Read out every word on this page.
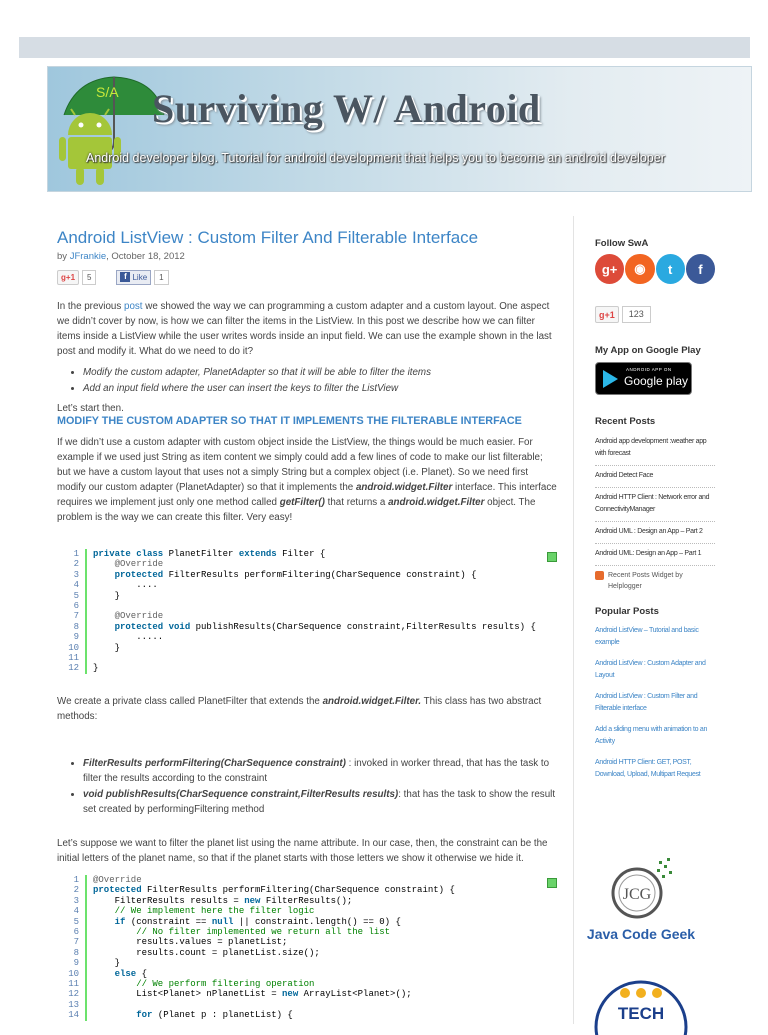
S/A Surviving W/ Android
Android developer blog. Tutorial for android development that helps you to become an android developer
Android ListView : Custom Filter And Filterable Interface
by JFrankie, October 18, 2012
g +1	5	f Like	1

In the previous post we showed the way we can programming a custom adapter and a custom layout. One aspect we didn’t cover by now, is how we can filter the items in the ListView. In this post we describe how we can filter items inside a ListView while the user writes words inside an input field. We can use the example shown in the last post and modify it. What do we need to do it?

• Modify the custom adapter, PlanetAdapter so that it will be able to filter the items
• Add an input field where the user can insert the keys to filter the ListView

Let’s start then.

MODIFY THE CUSTOM ADAPTER SO THAT IT IMPLEMENTS THE FILTERABLE INTERFACE

If we didn’t use a custom adapter with custom object inside the ListView, the things would be much easier. For example if we used just String as item content we simply could add a few lines of code to make our list filterable; but we have a custom layout that uses not a simply String but a complex object (i.e. Planet). So we need first modify our custom adapter (PlanetAdapter) so that it implements the android.widget.Filter interface. This interface requires we implement just only one method called getFilter() that returns a android.widget.Filter object. The problem is the way we can create this filter. Very easy!

1	private class PlanetFilter extends Filter {
2	@Override
3	protected FilterResults performFiltering(CharSequence constraint) {
4	....
5	}
6
7	@Override
8	protected void publishResults(CharSequence constraint,FilterResults results) {
9	.....
10	}
11
12	}

We create a private class called PlanetFilter that extends the android.widget.Filter. This class has two abstract methods:

• FilterResults performFiltering(CharSequence constraint) : invoked in worker thread, that has the task to filter the results according to the constraint
• void publishResults(CharSequence constraint,FilterResults results): that has the task to show the result set created by performingFiltering method

Let’s suppose we want to filter the planet list using the name attribute. In our case, then, the constraint can be the initial letters of the planet name, so that if the planet starts with those letters we show it otherwise we hide it.

1	@Override
2	protected FilterResults performFiltering(CharSequence constraint) {
3	FilterResults results = new FilterResults();
4	// We implement here the filter logic
5	if (constraint == null || constraint.length() == 0) {
6	// No filter implemented we return all the list
7	results.values = planetList;
8	results.count = planetList.size();
9	}
10	else {
11	// We perform filtering operation
12	List<Planet> nPlanetList = new ArrayList<Planet>();
13
14	for (Planet p : planetList) {
Follow SwA
g+	◉	t	f
g +1	123
My App on Google Play
ANDROID APP ON
Google play
Recent Posts
Android app development :weather app with forecast
Android Detect Face
Android HTTP Client : Network error and ConnectivityManager
Android UML : Design an App – Part 2
Android UML: Design an App – Part 1
Recent Posts Widget by Helplogger
Popular Posts
Android ListView – Tutorial and basic example
Android ListView : Custom Adapter and Layout
Android ListView : Custom Filter and Filterable interface
Add a sliding menu with animation to an Activity
Android HTTP Client: GET, POST, Download, Upload, Multipart Request
JCG
Java Code Geek
TECH
